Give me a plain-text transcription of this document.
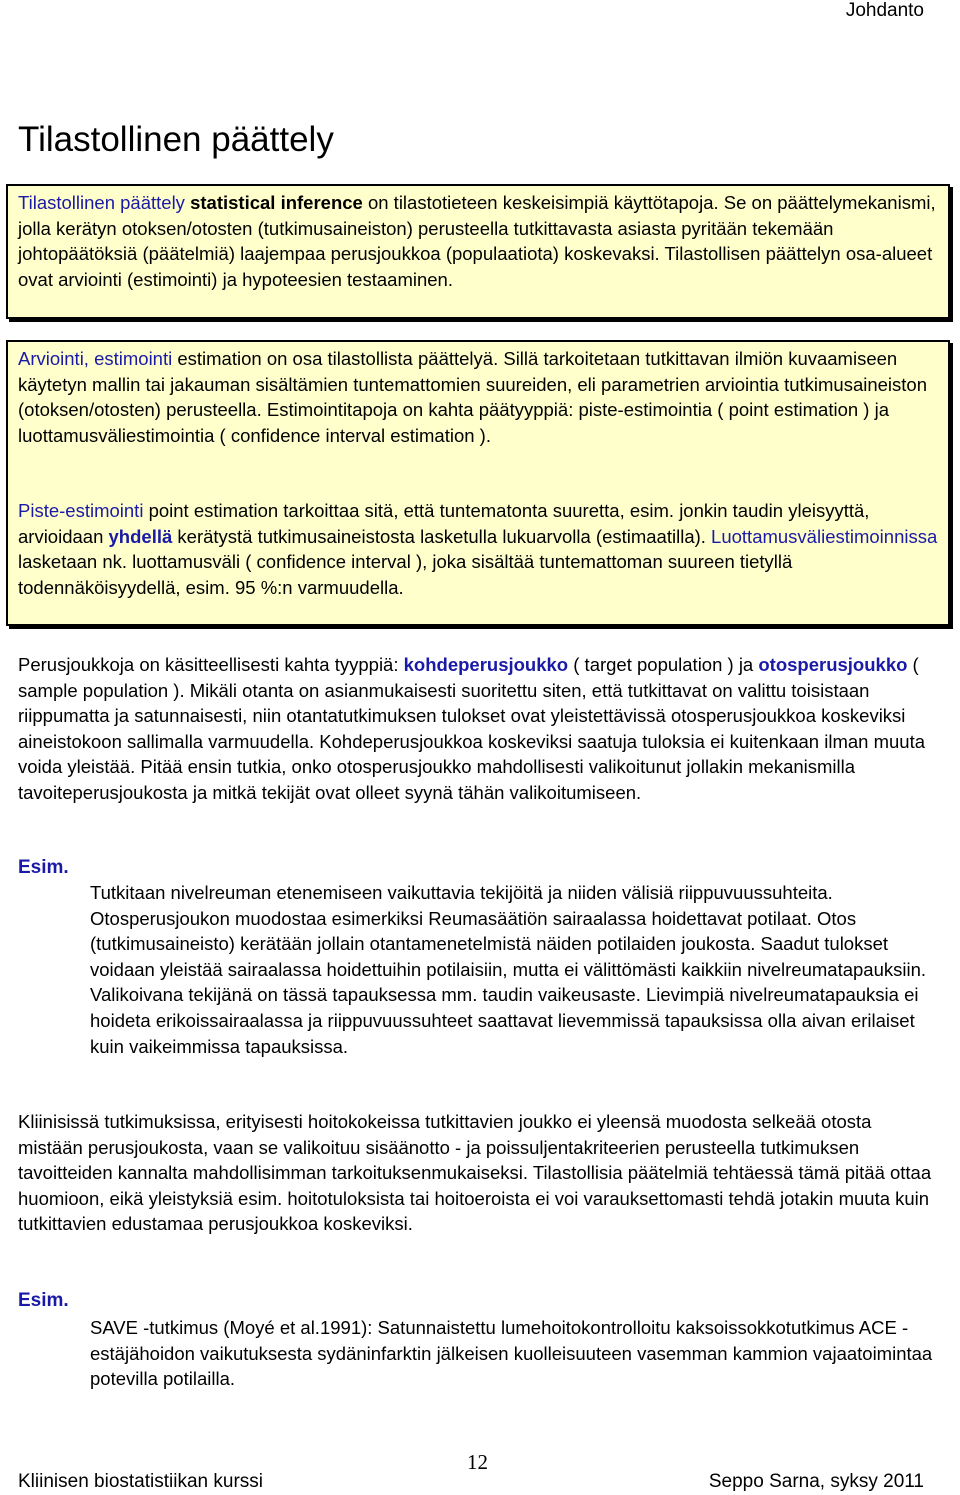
Johdanto
Tilastollinen päättely

Tilastollinen päättely statistical inference on tilastotieteen keskeisimpiä käyttötapoja. Se on päättelymekanismi, jolla kerätyn otoksen/otosten (tutkimusaineiston) perusteella tutkittavasta asiasta pyritään tekemään johtopäätöksiä (päätelmiä) laajempaa perusjoukkoa (populaatiota) koskevaksi. Tilastollisen päättelyn osa-alueet ovat arviointi (estimointi) ja hypoteesien testaaminen.

Arviointi, estimointi estimation on osa tilastollista päättelyä. Sillä tarkoitetaan tutkittavan ilmiön kuvaamiseen käytetyn mallin tai jakauman sisältämien tuntemattomien suureiden, eli parametrien arviointia tutkimusaineiston (otoksen/otosten) perusteella. Estimointitapoja on kahta päätyyppiä: piste-estimointia ( point estimation ) ja luottamusväliestimointia ( confidence interval estimation ).

Piste-estimointi point estimation tarkoittaa sitä, että tuntematonta suuretta, esim. jonkin taudin yleisyyttä, arvioidaan yhdellä kerätystä tutkimusaineistosta lasketulla lukuarvolla (estimaatilla). Luottamusväliestimoinnissa lasketaan nk. luottamusväli ( confidence interval ), joka sisältää tuntemattoman suureen tietyllä todennäköisyydellä, esim. 95 %:n varmuudella.

Perusjoukkoja on käsitteellisesti kahta tyyppiä: kohdeperusjoukko ( target population ) ja otosperusjoukko ( sample population ). Mikäli otanta on asianmukaisesti suoritettu siten, että tutkittavat on valittu toisistaan riippumatta ja satunnaisesti, niin otantatutkimuksen tulokset ovat yleistettävissä otosperusjoukkoa koskeviksi aineistokoon sallimalla varmuudella. Kohdeperusjoukkoa koskeviksi saatuja tuloksia ei kuitenkaan ilman muuta voida yleistää. Pitää ensin tutkia, onko otosperusjoukko mahdollisesti valikoitunut jollakin mekanismilla tavoiteperusjoukosta ja mitkä tekijät ovat olleet syynä tähän valikoitumiseen.

Esim.

Tutkitaan nivelreuman etenemiseen vaikuttavia tekijöitä ja niiden välisiä riippuvuussuhteita. Otosperusjoukon muodostaa esimerkiksi Reumasäätiön sairaalassa hoidettavat potilaat. Otos (tutkimusaineisto) kerätään jollain otantamenetelmistä näiden potilaiden joukosta. Saadut tulokset voidaan yleistää sairaalassa hoidettuihin potilaisiin, mutta ei välittömästi kaikkiin nivelreumatapauksiin. Valikoivana tekijänä on tässä tapauksessa mm. taudin vaikeusaste. Lievimpiä nivelreumatapauksia ei hoideta erikoissairaalassa ja riippuvuussuhteet saattavat lievemmissä tapauksissa olla aivan erilaiset kuin vaikeimmissa tapauksissa.

Kliinisissä tutkimuksissa, erityisesti hoitokokeissa tutkittavien joukko ei yleensä muodosta selkeää otosta mistään perusjoukosta, vaan se valikoituu sisäänotto - ja poissuljentakriteerien perusteella tutkimuksen tavoitteiden kannalta mahdollisimman tarkoituksenmukaiseksi. Tilastollisia päätelmiä tehtäessä tämä pitää ottaa huomioon, eikä yleistyksiä esim. hoitotuloksista tai hoitoeroista ei voi varauksettomasti tehdä jotakin muuta kuin tutkittavien edustamaa perusjoukkoa koskeviksi.

Esim.

SAVE -tutkimus (Moyé et al.1991): Satunnaistettu lumehoitokontrolloitu kaksoissokkotutkimus ACE -estäjähoidon vaikutuksesta sydäninfarktin jälkeisen kuolleisuuteen vasemman kammion vajaatoimintaa potevilla potilailla.

12
Kliinisen biostatistiikan kurssi	Seppo Sarna, syksy 2011
